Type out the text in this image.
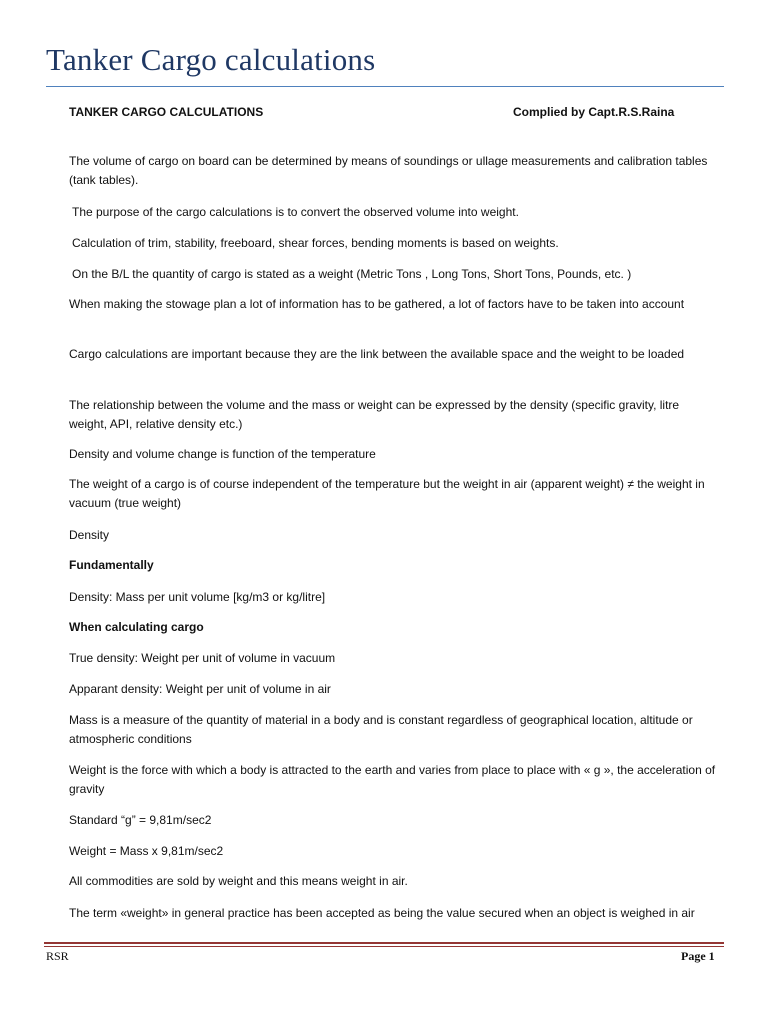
Tanker Cargo calculations
TANKER CARGO CALCULATIONS	Complied by Capt.R.S.Raina
The volume of cargo on board can be determined by means of soundings or ullage measurements and calibration tables (tank tables).
The purpose of the cargo calculations is to convert the observed volume into weight.
Calculation of trim, stability, freeboard, shear forces, bending moments is based on weights.
On the B/L the quantity of cargo is stated as a weight (Metric Tons , Long Tons, Short Tons, Pounds, etc. )
When making the stowage plan a lot of information has to be gathered, a lot of factors have to be taken into account
Cargo calculations are important because they are the link between the available space and the weight to be loaded
The relationship between the volume and the mass or weight can be expressed by the density (specific gravity, litre weight, API, relative density etc.)
Density and volume change is function of the temperature
The weight of a cargo is of course independent of the temperature but the weight in air (apparent weight) ≠ the weight in vacuum (true weight)
Density
Fundamentally
Density: Mass per unit volume [kg/m3 or kg/litre]
When calculating cargo
True density: Weight per unit of volume in vacuum
Apparant density: Weight per unit of volume in air
Mass is a measure of the quantity of material in a body and is constant regardless of geographical location, altitude or atmospheric conditions
Weight is the force with which a body is attracted to the earth and varies from place to place with « g », the acceleration of gravity
Standard “g” = 9,81m/sec2
Weight = Mass x 9,81m/sec2
All commodities are sold by weight and this means weight in air.
The term «weight» in general practice has been accepted as being the value secured when an object is weighed in air
RSR	Page 1
